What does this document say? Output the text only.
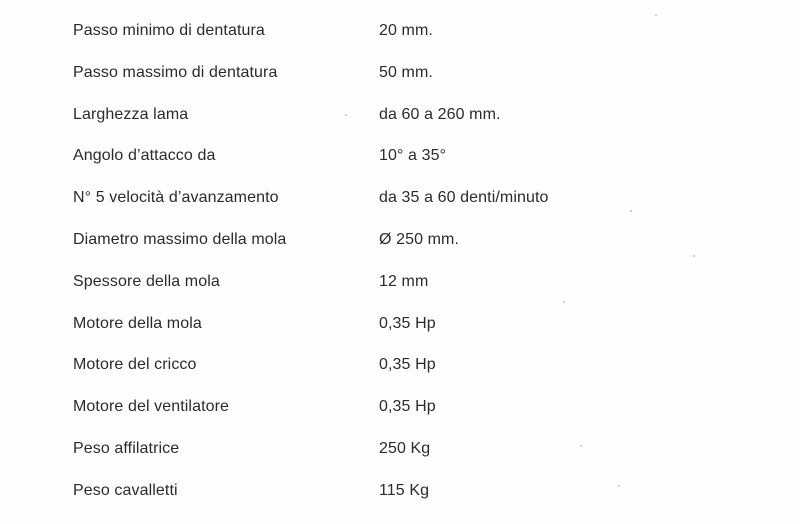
Passo minimo di dentatura	20 mm.
Passo massimo di dentatura	50 mm.
Larghezza lama	da 60 a 260 mm.
Angolo d’attacco da	10° a 35°
N° 5 velocità d’avanzamento	da 35 a 60 denti/minuto
Diametro massimo della mola	Ø 250 mm.
Spessore della mola	12 mm
Motore della mola	0,35 Hp
Motore del cricco	0,35 Hp
Motore del ventilatore	0,35 Hp
Peso affilatrice	250 Kg
Peso cavalletti	115 Kg
